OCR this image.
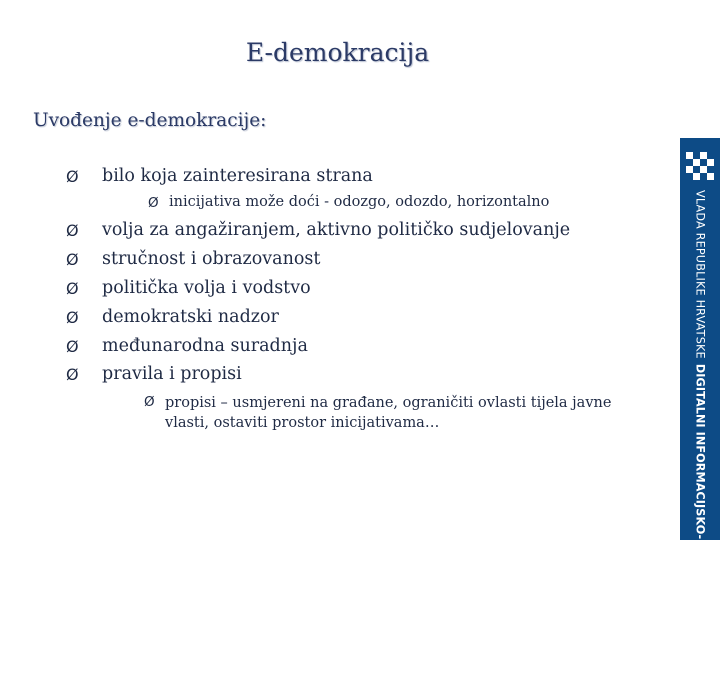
E-demokracija
Uvođenje e-demokracije:
Ø	bilo koja zainteresirana strana
Ø inicijativa može doći - odozgo, odozdo, horizontalno
Ø	volja za angažiranjem, aktivno političko sudjelovanje
Ø	stručnost i obrazovanost
Ø	politička volja i vodstvo
Ø	demokratski nadzor
Ø	međunarodna suradnja
Ø	pravila i propisi
Ø propisi – usmjereni na građane, ograničiti ovlasti tijela javne vlasti, ostaviti prostor inicijativama…
VLADA REPUBLIKE HRVATSKE DIGITALNI INFORMACIJSKO-DOKUMENTACIJSKI URED
